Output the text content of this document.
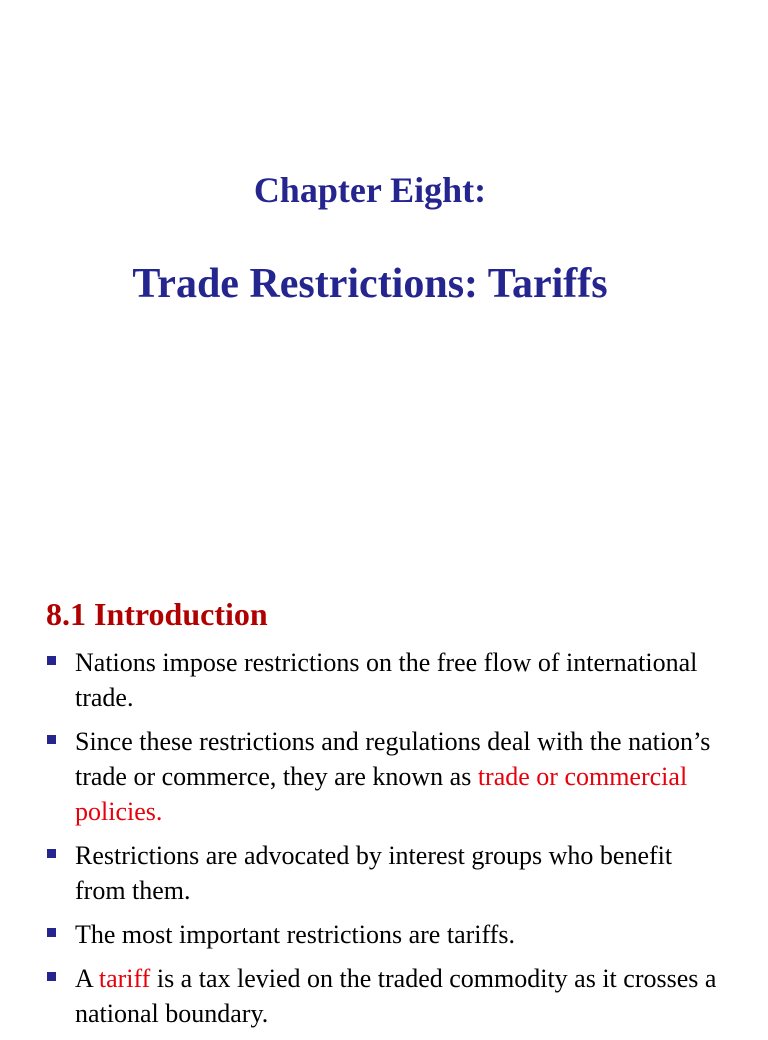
Chapter Eight:
Trade Restrictions: Tariffs
8.1 Introduction
Nations impose restrictions on the free flow of international trade.
Since these restrictions and regulations deal with the nation’s trade or commerce, they are known as trade or commercial policies.
Restrictions are advocated by interest groups who benefit from them.
The most important restrictions are tariffs.
A tariff is a tax levied on the traded commodity as it crosses a national boundary.
